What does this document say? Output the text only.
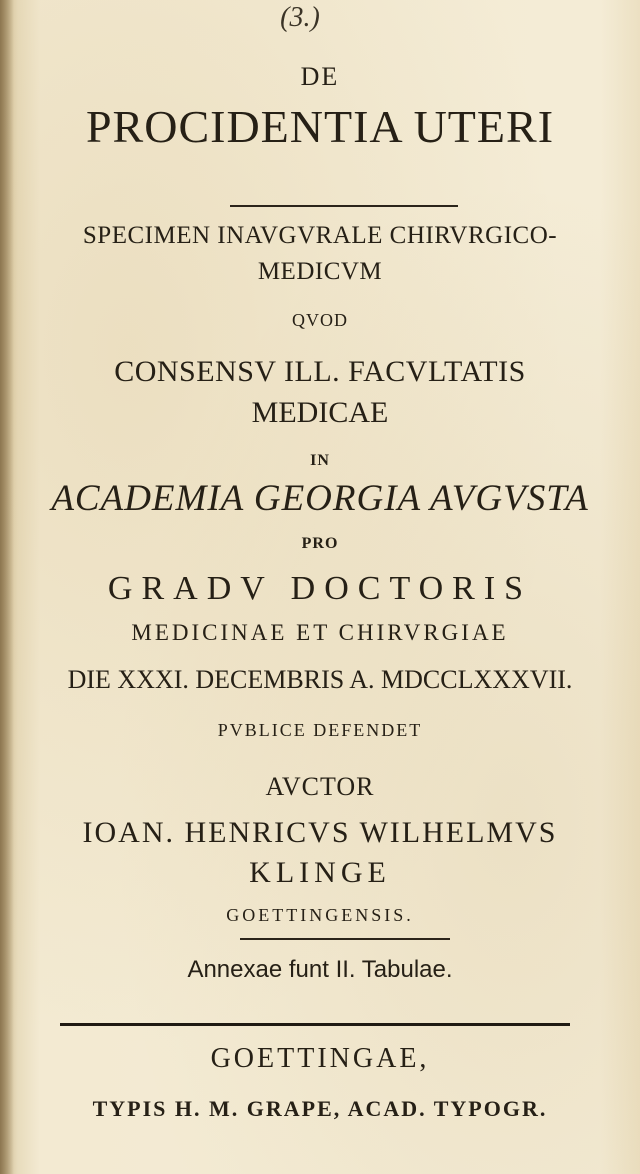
(3.)
DE
PROCIDENTIA UTERI
SPECIMEN INAVGVRALE CHIRVRGICO-
MEDICVM
QVOD
CONSENSV ILL. FACVLTATIS
MEDICAE
IN
ACADEMIA GEORGIA AVGVSTA
PRO
GRADV DOCTORIS
MEDICINAE ET CHIRVRGIAE
DIE XXXI. DECEMBRIS A. MDCCLXXXVII.
PVBLICE DEFENDET
AVCTOR
IOAN. HENRICVS WILHELMVS
KLINGE
GOETTINGENSIS.
Annexae funt II. Tabulae.
GOETTINGAE,
TYPIS H. M. GRAPE, ACAD. TYPOGR.
